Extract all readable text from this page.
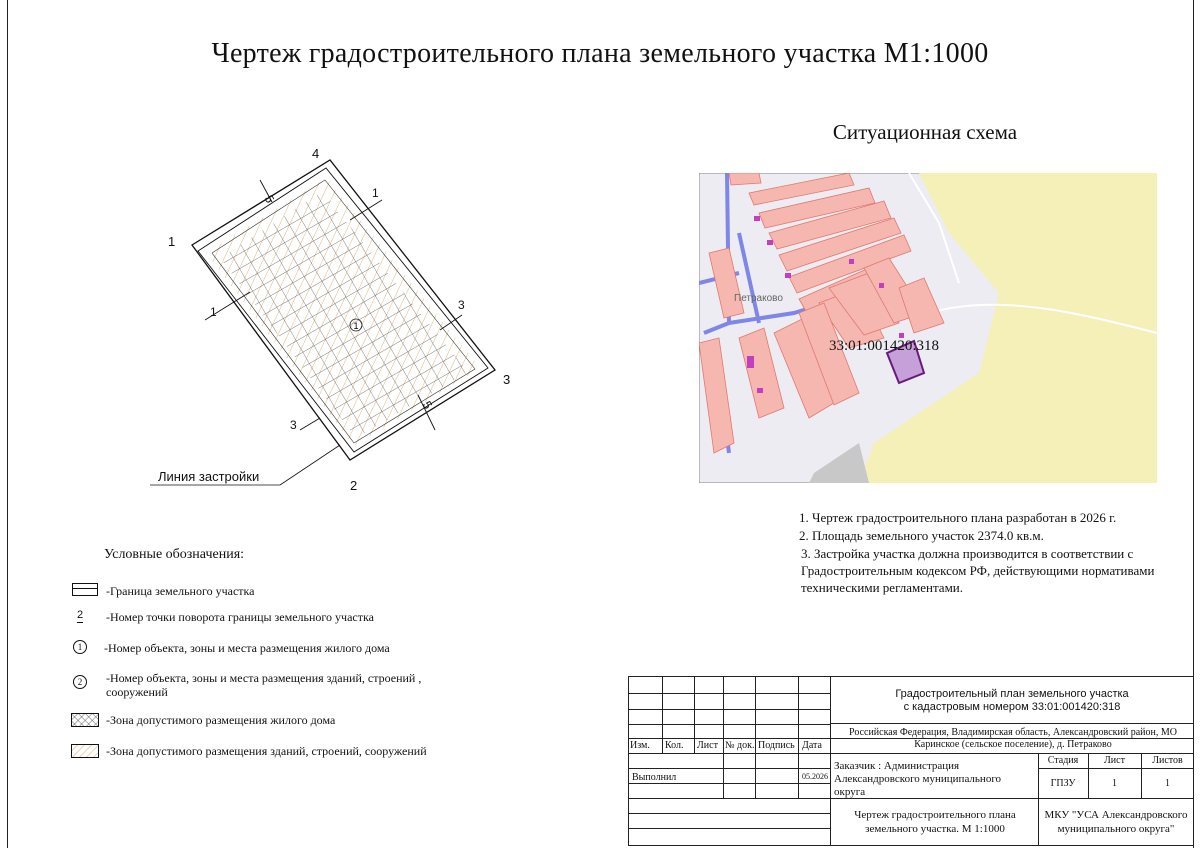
Чертеж градостроительного плана земельного участка М1:1000
Ситуационная схема
1
4
1
3
2
1
5
3
5
3
1
Линия застройки
Петраково
33:01:001420:318
1. Чертеж градостроительного плана разработан в 2026 г.
2. Площадь земельного участок 2374.0 кв.м.
3. Застройка участка должна производится в соответствии с
Градостроительным кодексом РФ, действующими нормативами
техническими регламентами.
Условные обозначения:
-Граница земельного участка
2 -Номер точки поворота границы земельного участка
1	-Номер объекта, зоны и места размещения жилого дома
2	-Номер объекта, зоны и места размещения зданий, строений ,
сооружений
-Зона допустимого размещения жилого дома
-Зона допустимого размещения зданий, строений, сооружений	Изм. Кол. Лист № док. Подпись Дата
Выполнил	05.2026
Градостроительный план земельного участка
с кадастровым номером 33:01:001420:318
Российская Федерация, Владимирская область, Александровский район, МО Каринское (сельское поселение), д. Петраково
Заказчик : Администрация Александровского муниципального округа
Стадия	Лист	Листов
ГПЗУ	1	1
Чертеж градостроительного плана земельного участка. М 1:1000
МКУ "УСА Александровского муниципального округа"
